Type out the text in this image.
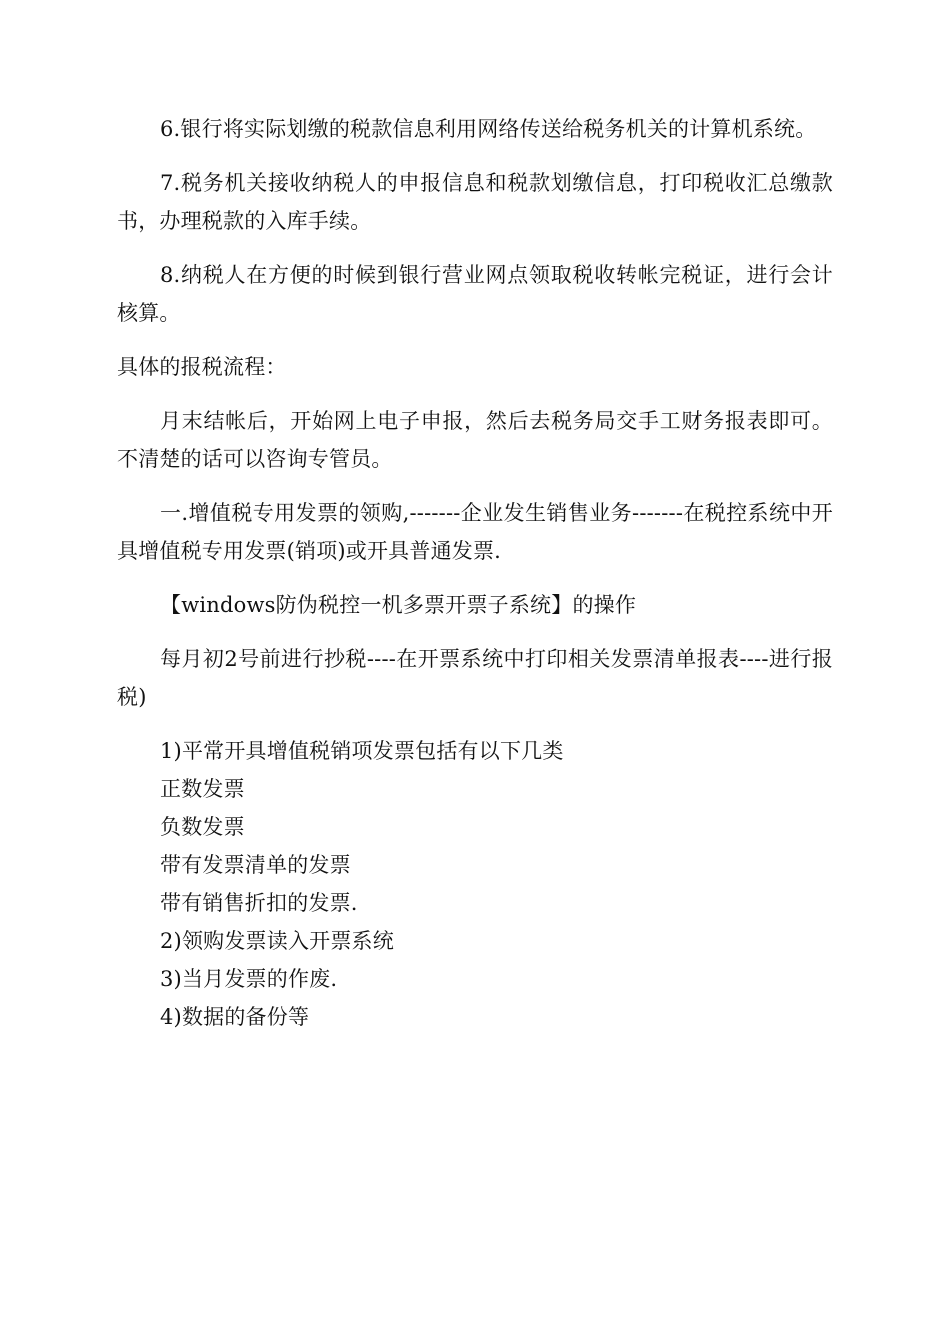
6.银行将实际划缴的税款信息利用网络传送给税务机关的计算机系统。

7.税务机关接收纳税人的申报信息和税款划缴信息，打印税收汇总缴款书，办理税款的入库手续。

8.纳税人在方便的时候到银行营业网点领取税收转帐完税证，进行会计核算。

具体的报税流程：

月末结帐后，开始网上电子申报，然后去税务局交手工财务报表即可。不清楚的话可以咨询专管员。

一.增值税专用发票的领购,-------企业发生销售业务-------在税控系统中开具增值税专用发票(销项)或开具普通发票.

【windows防伪税控一机多票开票子系统】的操作

每月初2号前进行抄税----在开票系统中打印相关发票清单报表----进行报税)

1)平常开具增值税销项发票包括有以下几类

正数发票

负数发票

带有发票清单的发票

带有销售折扣的发票.

2)领购发票读入开票系统

3)当月发票的作废.

4)数据的备份等
